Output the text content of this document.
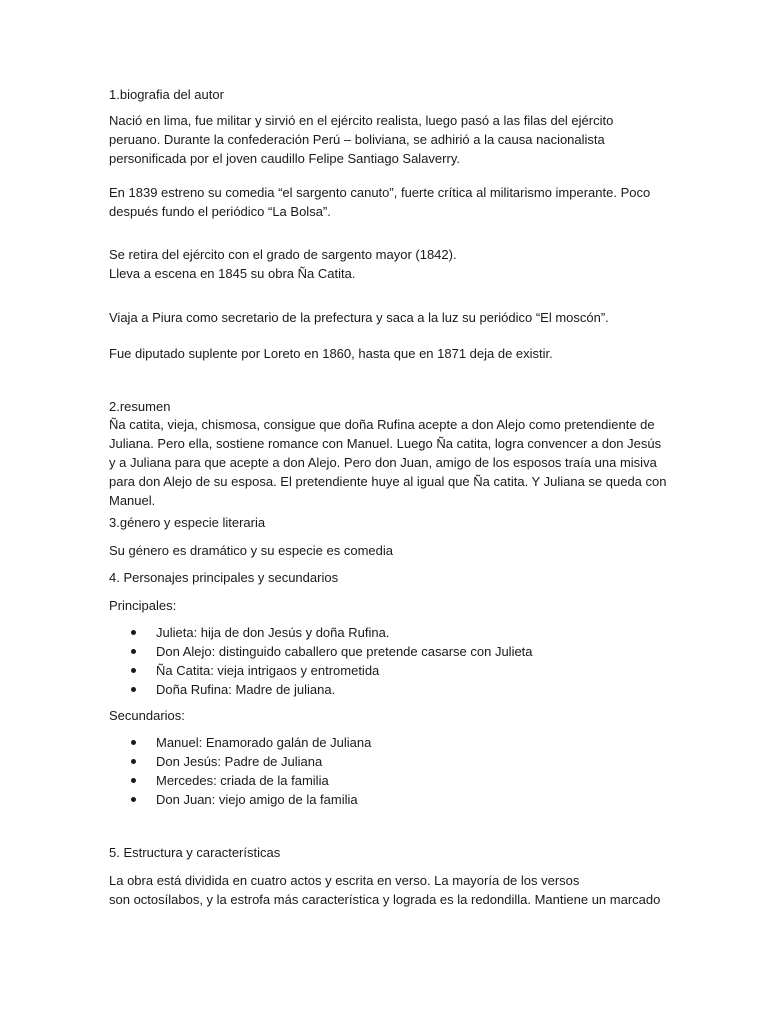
1.biografia del autor

Nació en lima, fue militar y sirvió en el ejército realista, luego pasó a las filas del ejército
peruano. Durante la confederación Perú – boliviana, se adhirió a la causa nacionalista
personificada por el joven caudillo Felipe Santiago Salaverry.

En 1839 estreno su comedia “el sargento canuto”, fuerte crítica al militarismo imperante. Poco
después fundo el periódico “La Bolsa”.

Se retira del ejército con el grado de sargento mayor (1842).
Lleva a escena en 1845 su obra Ña Catita.

Viaja a Piura como secretario de la prefectura y saca a la luz su periódico “El moscón”.

Fue diputado suplente por Loreto en 1860, hasta que en 1871 deja de existir.

2.resumen

Ña catita, vieja, chismosa, consigue que doña Rufina acepte a don Alejo como pretendiente de
Juliana. Pero ella, sostiene romance con Manuel. Luego Ña catita, logra convencer a don Jesús
y a Juliana para que acepte a don Alejo. Pero don Juan, amigo de los esposos traía una misiva
para don Alejo de su esposa. El pretendiente huye al igual que Ña catita. Y Juliana se queda con
Manuel.

3.género y especie literaria

Su género es dramático y su especie es comedia

4. Personajes principales y secundarios

Principales:

Julieta: hija de don Jesús y doña Rufina.
Don Alejo: distinguido caballero que pretende casarse con Julieta
Ña Catita: vieja intrigaos y entrometida
Doña Rufina: Madre de juliana.

Secundarios:

Manuel: Enamorado galán de Juliana
Don Jesús: Padre de Juliana
Mercedes: criada de la familia
Don Juan: viejo amigo de la familia

5. Estructura y características

La obra está dividida en cuatro actos y escrita en verso. La mayoría de los versos
son octosílabos, y la estrofa más característica y lograda es la redondilla. Mantiene un marcado
